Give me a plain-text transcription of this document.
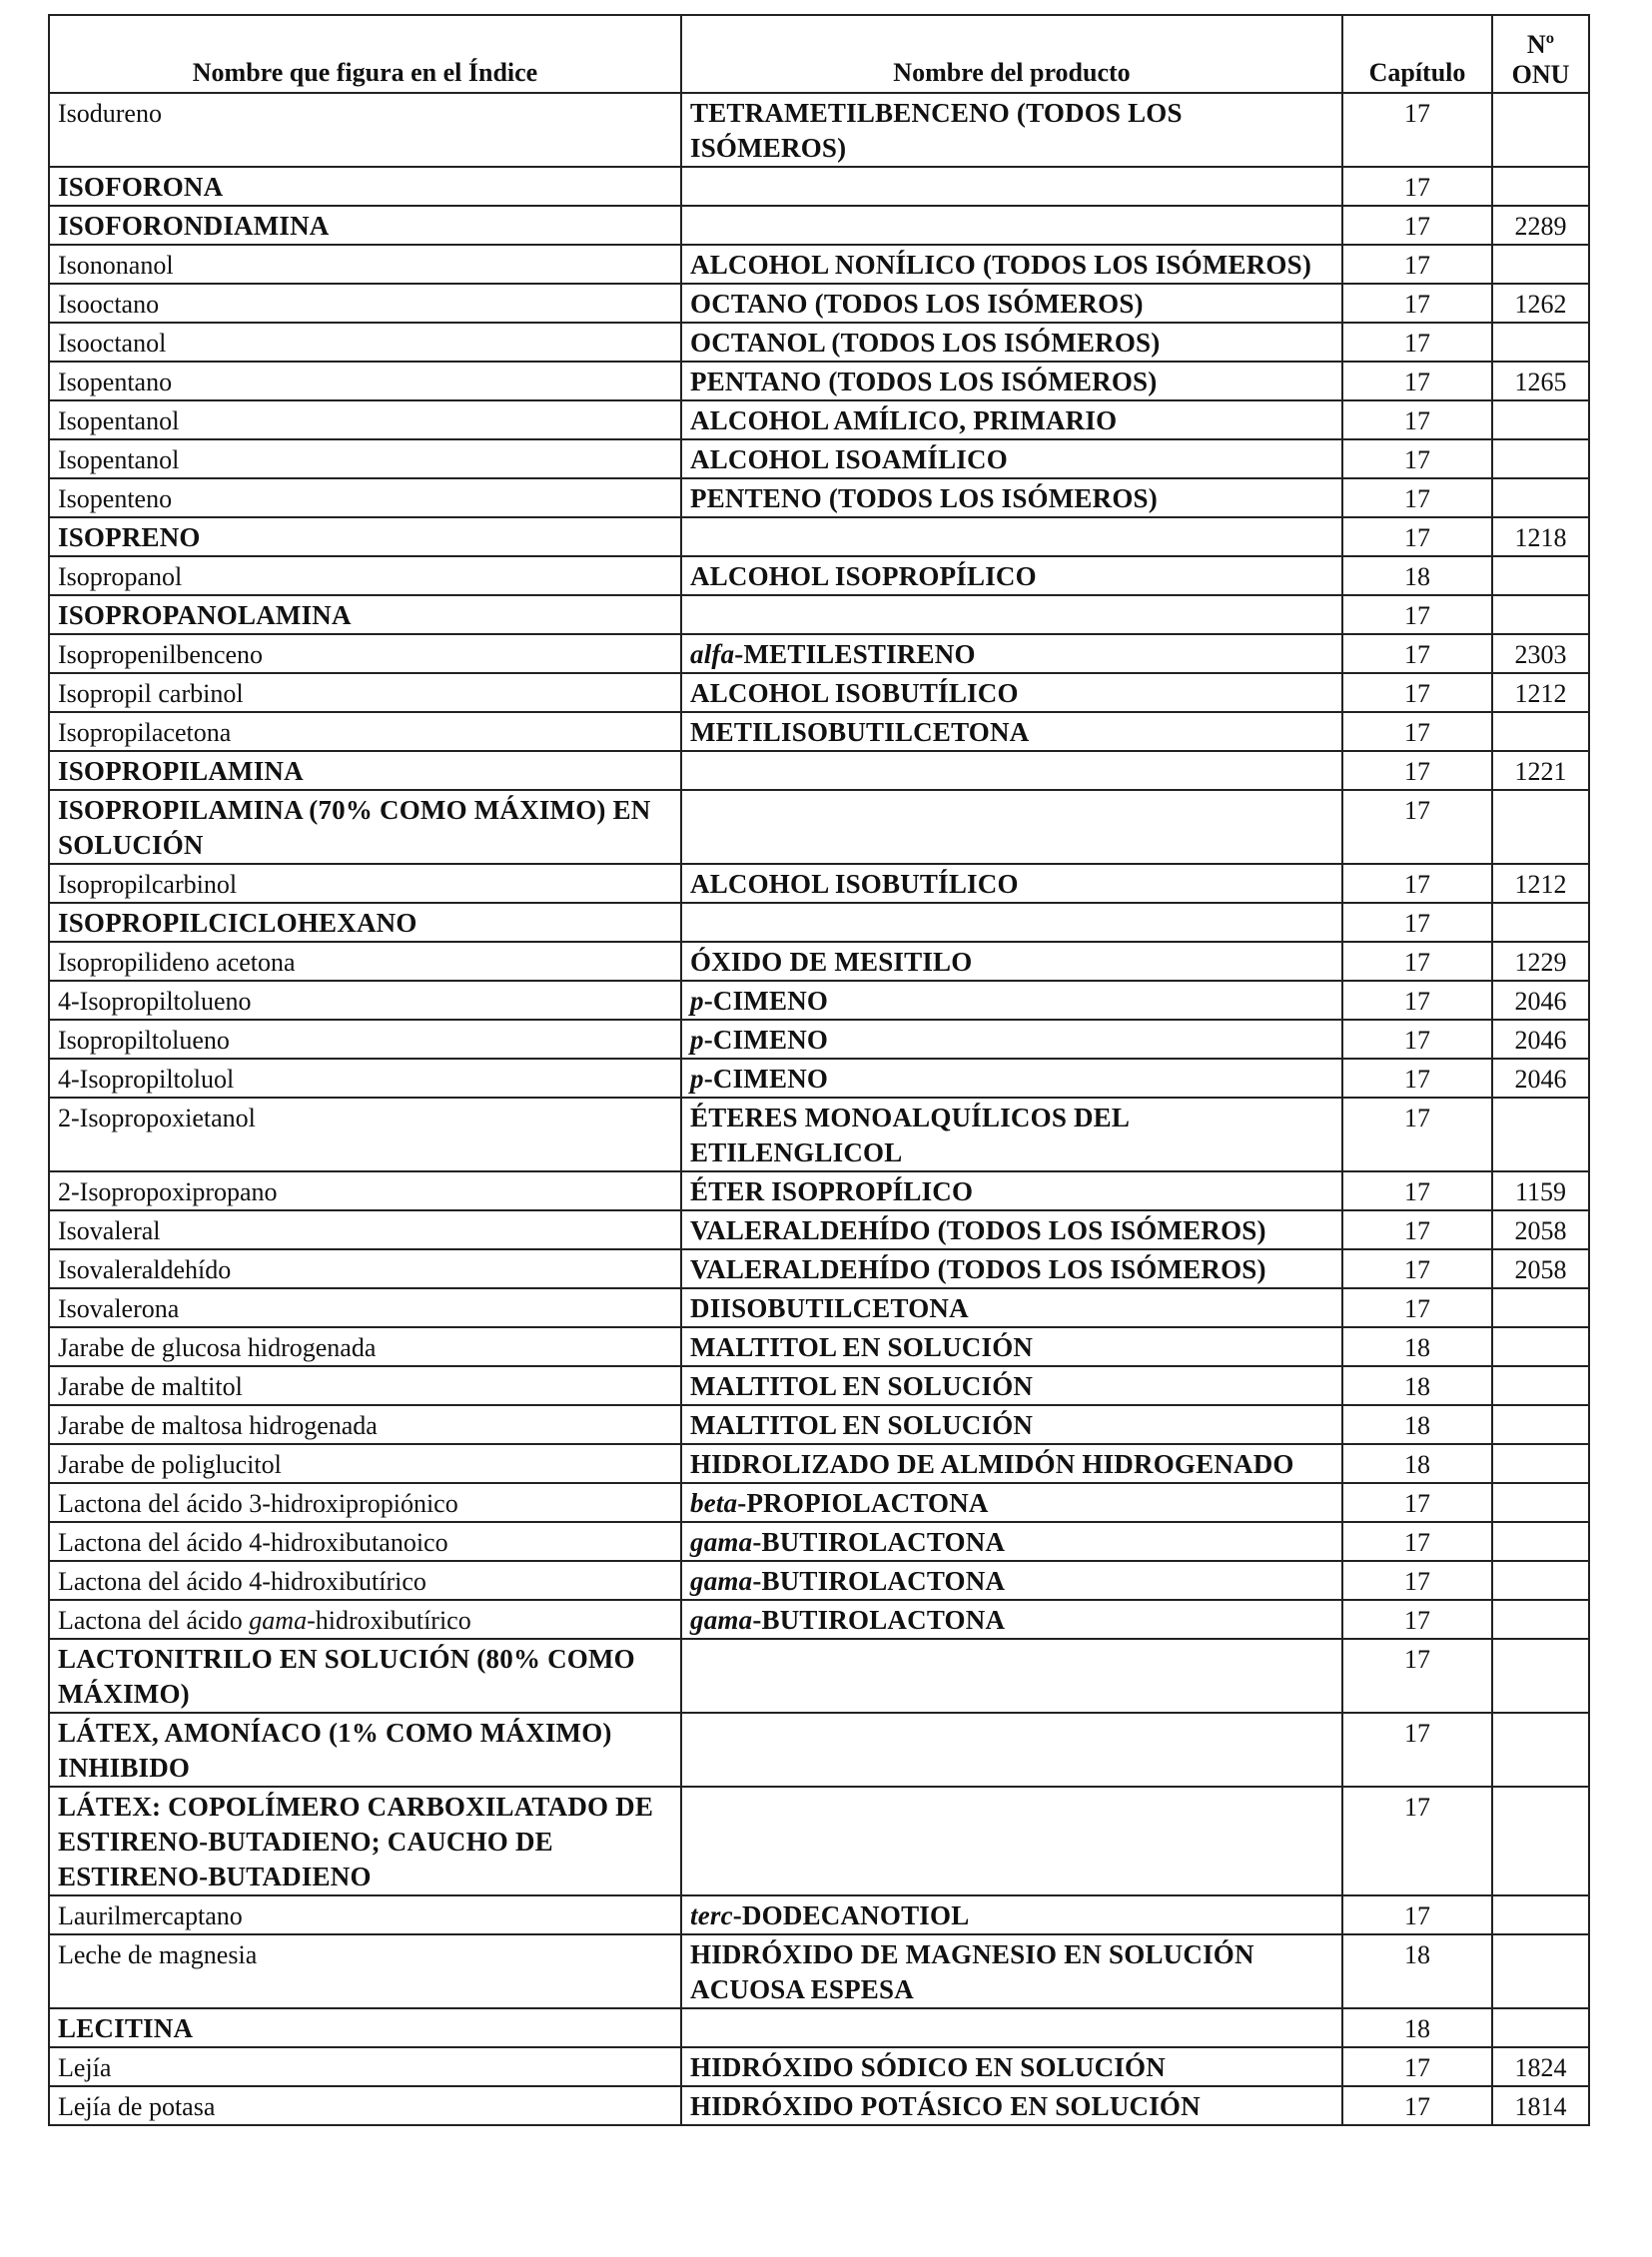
Nombre que figura en el Índice	Nombre del producto	Capítulo	Nº
ONU
Isodureno	TETRAMETILBENCENO (TODOS LOS ISÓMEROS)	17	
ISOFORONA		17	
ISOFORONDIAMINA		17	2289
Isononanol	ALCOHOL NONÍLICO (TODOS LOS ISÓMEROS)	17	
Isooctano	OCTANO (TODOS LOS ISÓMEROS)	17	1262
Isooctanol	OCTANOL (TODOS LOS ISÓMEROS)	17	
Isopentano	PENTANO (TODOS LOS ISÓMEROS)	17	1265
Isopentanol	ALCOHOL AMÍLICO, PRIMARIO	17	
Isopentanol	ALCOHOL ISOAMÍLICO	17	
Isopenteno	PENTENO (TODOS LOS ISÓMEROS)	17	
ISOPRENO		17	1218
Isopropanol	ALCOHOL ISOPROPÍLICO	18	
ISOPROPANOLAMINA		17	
Isopropenilbenceno	alfa-METILESTIRENO	17	2303
Isopropil carbinol	ALCOHOL ISOBUTÍLICO	17	1212
Isopropilacetona	METILISOBUTILCETONA	17	
ISOPROPILAMINA		17	1221
ISOPROPILAMINA (70% COMO MÁXIMO) EN SOLUCIÓN		17	
Isopropilcarbinol	ALCOHOL ISOBUTÍLICO	17	1212
ISOPROPILCICLOHEXANO		17	
Isopropilideno acetona	ÓXIDO DE MESITILO	17	1229
4-Isopropiltolueno	p-CIMENO	17	2046
Isopropiltolueno	p-CIMENO	17	2046
4-Isopropiltoluol	p-CIMENO	17	2046
2-Isopropoxietanol	ÉTERES MONOALQUÍLICOS DEL ETILENGLICOL	17	
2-Isopropoxipropano	ÉTER ISOPROPÍLICO	17	1159
Isovaleral	VALERALDEHÍDO (TODOS LOS ISÓMEROS)	17	2058
Isovaleraldehído	VALERALDEHÍDO (TODOS LOS ISÓMEROS)	17	2058
Isovalerona	DIISOBUTILCETONA	17	
Jarabe de glucosa hidrogenada	MALTITOL EN SOLUCIÓN	18	
Jarabe de maltitol	MALTITOL EN SOLUCIÓN	18	
Jarabe de maltosa hidrogenada	MALTITOL EN SOLUCIÓN	18	
Jarabe de poliglucitol	HIDROLIZADO DE ALMIDÓN HIDROGENADO	18	
Lactona del ácido 3-hidroxipropiónico	beta-PROPIOLACTONA	17	
Lactona del ácido 4-hidroxibutanoico	gama-BUTIROLACTONA	17	
Lactona del ácido 4-hidroxibutírico	gama-BUTIROLACTONA	17	
Lactona del ácido gama-hidroxibutírico	gama-BUTIROLACTONA	17	
LACTONITRILO EN SOLUCIÓN (80% COMO MÁXIMO)		17	
LÁTEX, AMONÍACO (1% COMO MÁXIMO) INHIBIDO		17	
LÁTEX: COPOLÍMERO CARBOXILATADO DE ESTIRENO-BUTADIENO; CAUCHO DE ESTIRENO-BUTADIENO		17	
Laurilmercaptano	terc-DODECANOTIOL	17	
Leche de magnesia	HIDRÓXIDO DE MAGNESIO EN SOLUCIÓN ACUOSA ESPESA	18	
LECITINA		18	
Lejía	HIDRÓXIDO SÓDICO EN SOLUCIÓN	17	1824
Lejía de potasa	HIDRÓXIDO POTÁSICO EN SOLUCIÓN	17	1814
